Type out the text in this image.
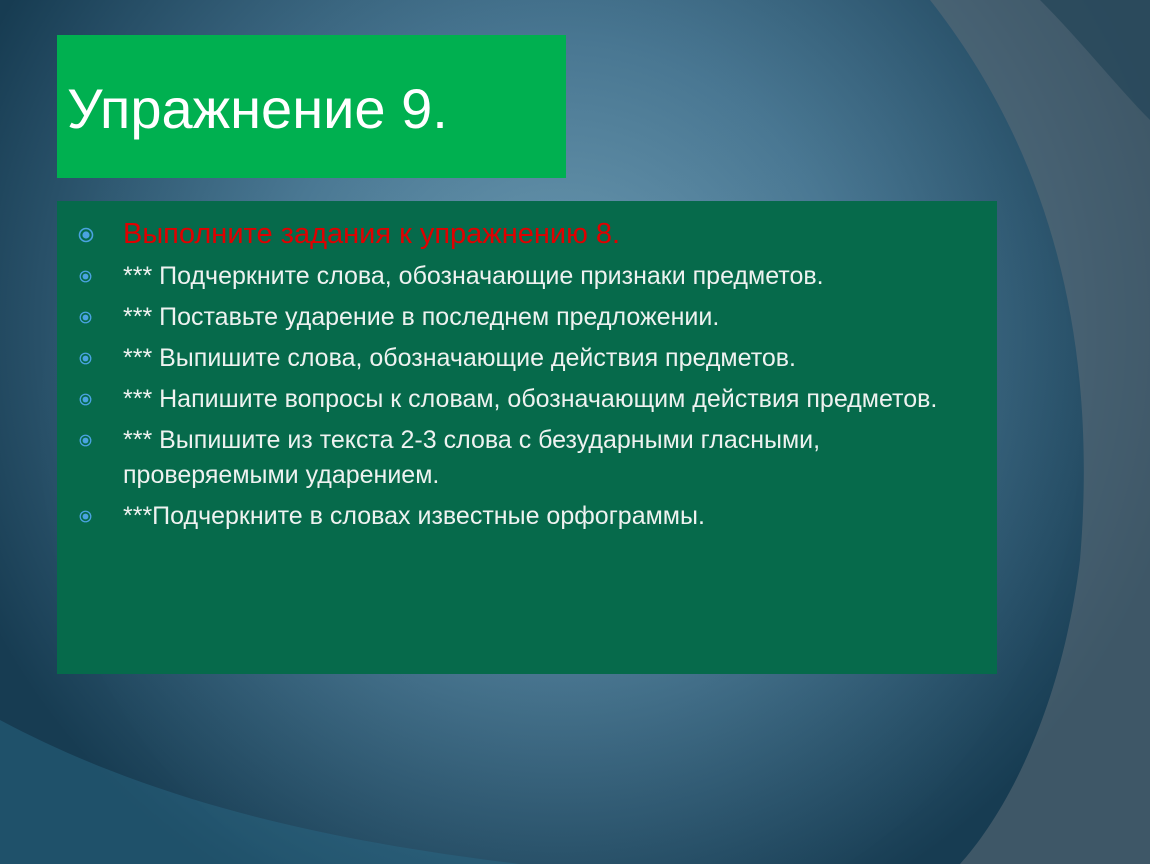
Упражнение 9.
Выполните задания к упражнению 8.
*** Подчеркните слова, обозначающие признаки предметов.
*** Поставьте ударение в последнем предложении.
*** Выпишите слова, обозначающие действия предметов.
*** Напишите вопросы к словам, обозначающим действия предметов.
*** Выпишите из текста 2-3 слова с безударными гласными, проверяемыми ударением.
***Подчеркните в словах известные орфограммы.
